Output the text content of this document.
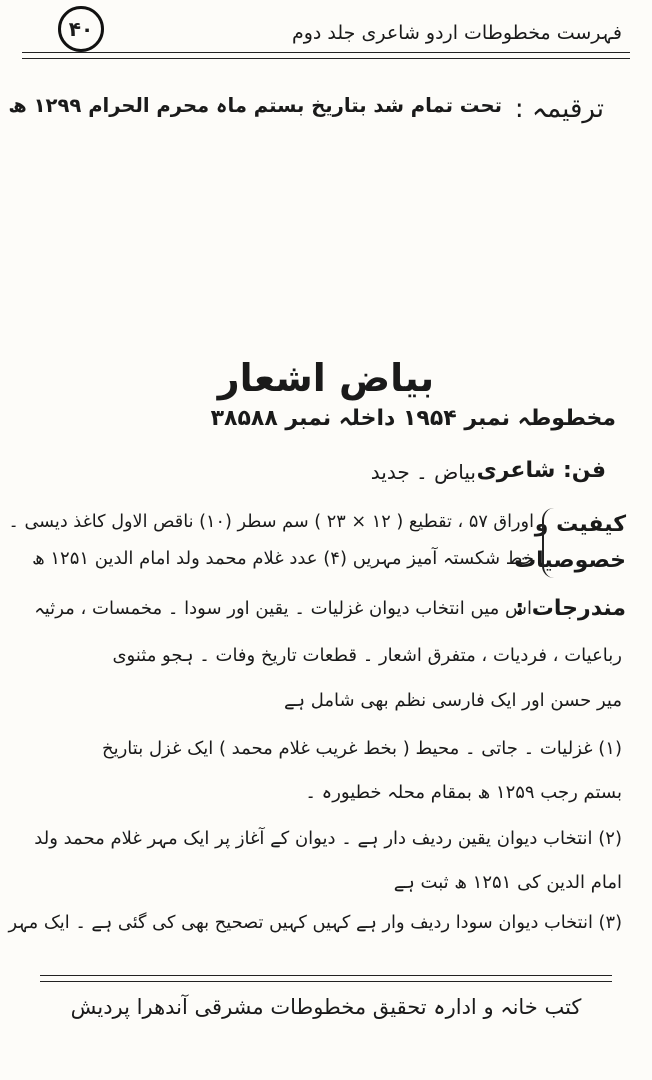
۴۰	فہرست مخطوطات اردو شاعری جلد دوم
ترقیمہ :
تحت تمام شد بتاریخ بستم ماہ محرم الحرام ۱۲۹۹ ھ
بیاض اشعار
مخطوطہ نمبر ۱۹۵۴ داخلہ نمبر ۳۸۵۸۸
فن: شاعری
بیاض ۔ جدید
کیفیت و
خصوصیات
اوراق ۵۷ ، تقطیع ( ۱۲ × ۲۳ ) سم سطر (۱۰) ناقص الاول کاغذ دیسی ۔
خط شکستہ آمیز مہریں (۴) عدد غلام محمد ولد امام الدین ۱۲۵۱ ھ
مندرجات :
اس میں انتخاب دیوان غزلیات ۔ یقین اور سودا ۔ مخمسات ، مرثیہ
رباعیات ، فردیات ، متفرق اشعار ۔ قطعات تاریخ وفات ۔ ہجو مثنوی
میر حسن اور ایک فارسی نظم بھی شامل ہے
(۱) غزلیات ۔ جاتی ۔ محیط ( بخط غریب غلام محمد ) ایک غزل بتاریخ
بستم رجب ۱۲۵۹ ھ بمقام محلہ خطیورہ ۔
(۲) انتخاب دیوان یقین ردیف دار ہے ۔ دیوان کے آغاز پر ایک مہر غلام محمد ولد
امام الدین کی ۱۲۵۱ ھ ثبت ہے
(۳) انتخاب دیوان سودا ردیف وار ہے کہیں کہیں تصحیح بھی کی گئی ہے ۔ ایک مہر
کتب خانہ و ادارہ تحقیق مخطوطات مشرقی آندھرا پردیش
